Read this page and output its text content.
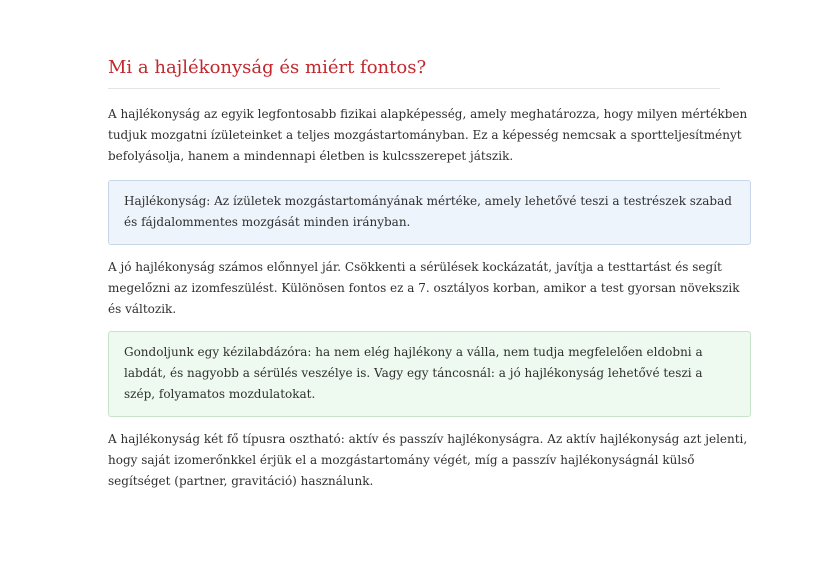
Mi a hajlékonyság és miért fontos?

A hajlékonyság az egyik legfontosabb fizikai alapképesség, amely meghatározza, hogy milyen mértékben tudjuk mozgatni ízületeinket a teljes mozgástartományban. Ez a képesség nemcsak a sportteljesítményt befolyásolja, hanem a mindennapi életben is kulcsszerepet játszik.

Hajlékonyság: Az ízületek mozgástartományának mértéke, amely lehetővé teszi a testrészek szabad és fájdalommentes mozgását minden irányban.

A jó hajlékonyság számos előnnyel jár. Csökkenti a sérülések kockázatát, javítja a testtartást és segít megelőzni az izomfeszülést. Különösen fontos ez a 7. osztályos korban, amikor a test gyorsan növekszik és változik.

Gondoljunk egy kézilabdázóra: ha nem elég hajlékony a válla, nem tudja megfelelően eldobni a labdát, és nagyobb a sérülés veszélye is. Vagy egy táncosnál: a jó hajlékonyság lehetővé teszi a szép, folyamatos mozdulatokat.

A hajlékonyság két fő típusra osztható: aktív és passzív hajlékonyságra. Az aktív hajlékonyság azt jelenti, hogy saját izomerőnkkel érjük el a mozgástartomány végét, míg a passzív hajlékonyságnál külső segítséget (partner, gravitáció) használunk.
